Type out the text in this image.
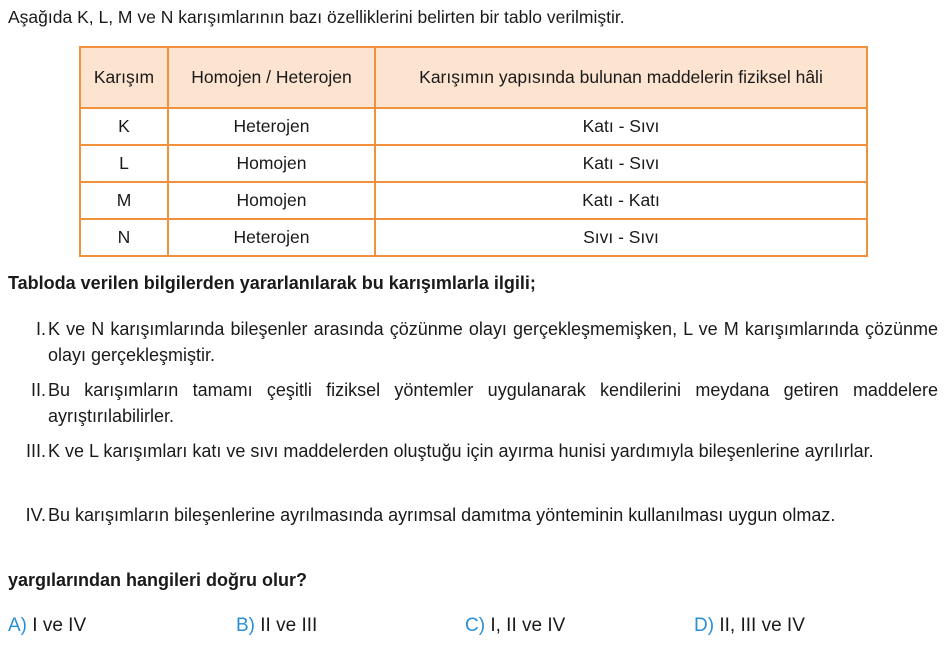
Aşağıda K, L, M ve N karışımlarının bazı özelliklerini belirten bir tablo verilmiştir.
Karışım	Homojen / Heterojen	Karışımın yapısında bulunan maddelerin fiziksel hâli
K	Heterojen	Katı - Sıvı
L	Homojen	Katı - Sıvı
M	Homojen	Katı - Katı
N	Heterojen	Sıvı - Sıvı
Tabloda verilen bilgilerden yararlanılarak bu karışımlarla ilgili;
I. K ve N karışımlarında bileşenler arasında çözünme olayı gerçekleşmemişken, L ve M karışımlarında çözünme olayı gerçekleşmiştir.
II. Bu karışımların tamamı çeşitli fiziksel yöntemler uygulanarak kendilerini meydana getiren maddelere ayrıştırılabilirler.
III. K ve L karışımları katı ve sıvı maddelerden oluştuğu için ayırma hunisi yardımıyla bileşenlerine ayrılırlar.
IV. Bu karışımların bileşenlerine ayrılmasında ayrımsal damıtma yönteminin kullanılması uygun olmaz.
yargılarından hangileri doğru olur?
A) I ve IV	B) II ve III	C) I, II ve IV	D) II, III ve IV
